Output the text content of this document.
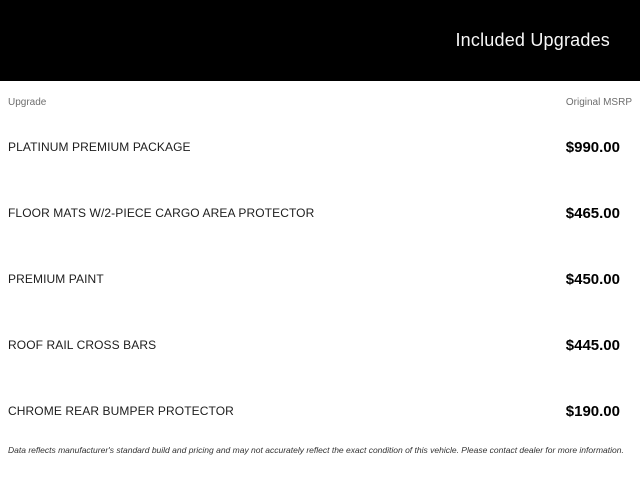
Included Upgrades
Upgrade	Original MSRP
PLATINUM PREMIUM PACKAGE	$990.00
FLOOR MATS W/2-PIECE CARGO AREA PROTECTOR	$465.00
PREMIUM PAINT	$450.00
ROOF RAIL CROSS BARS	$445.00
CHROME REAR BUMPER PROTECTOR	$190.00
Data reflects manufacturer's standard build and pricing and may not accurately reflect the exact condition of this vehicle. Please contact dealer for more information.
